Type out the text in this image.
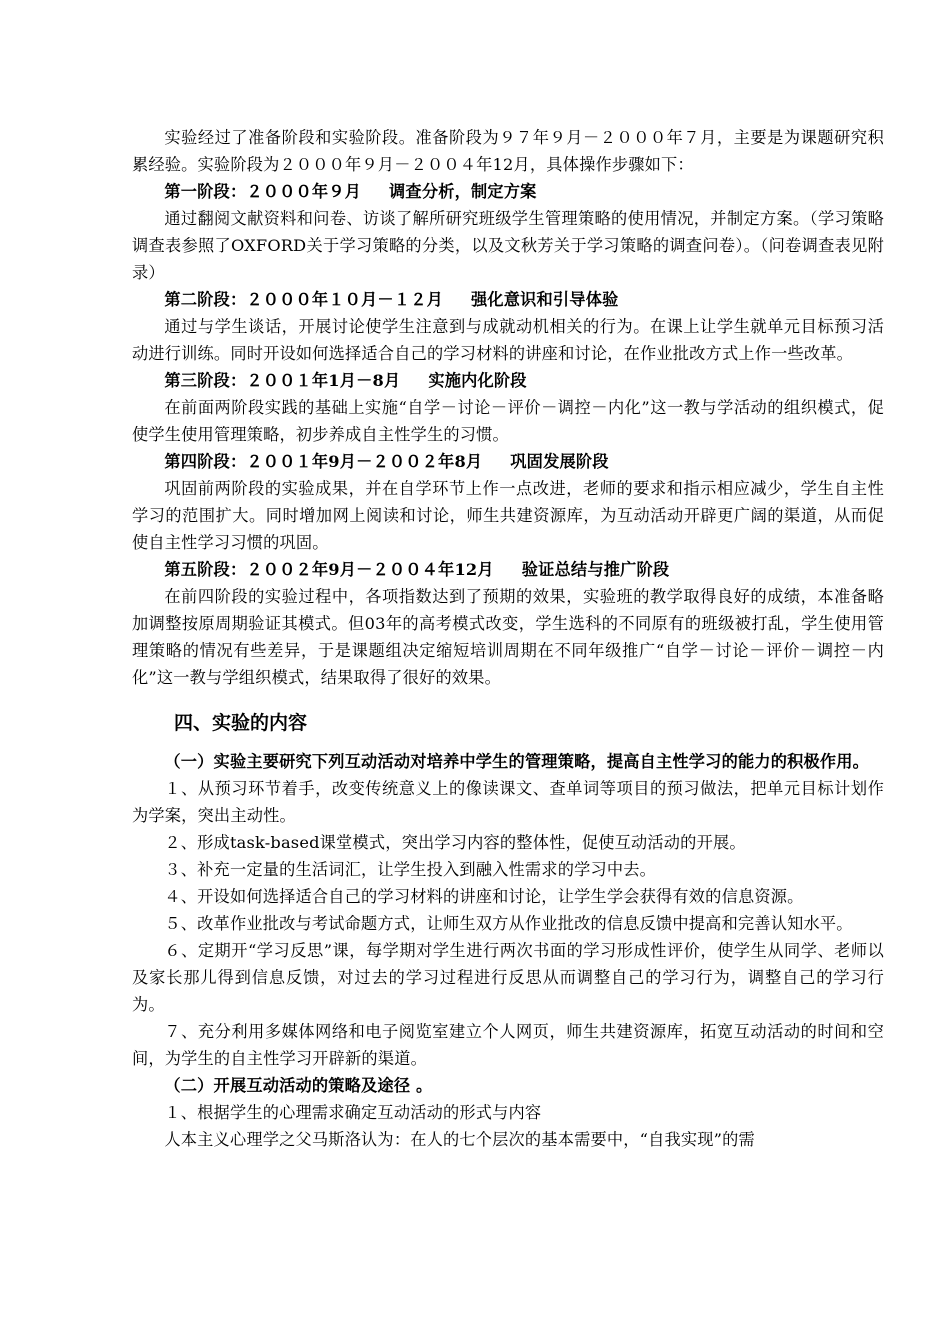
实验经过了准备阶段和实验阶段。准备阶段为９７年９月－２０００年７月，主要是为课题研究积累经验。实验阶段为２０００年９月－２００４年12月，具体操作步骤如下：

第一阶段：２０００年９月 调查分析，制定方案

通过翻阅文献资料和问卷、访谈了解所研究班级学生管理策略的使用情况，并制定方案。（学习策略调查表参照了OXFORD关于学习策略的分类，以及文秋芳关于学习策略的调查问卷）。（问卷调查表见附录）

第二阶段：２０００年１０月－１２月 强化意识和引导体验

通过与学生谈话，开展讨论使学生注意到与成就动机相关的行为。在课上让学生就单元目标预习活动进行训练。同时开设如何选择适合自己的学习材料的讲座和讨论，在作业批改方式上作一些改革。

第三阶段：２００１年1月－8月 实施内化阶段

在前面两阶段实践的基础上实施“自学－讨论－评价－调控－内化”这一教与学活动的组织模式，促使学生使用管理策略，初步养成自主性学生的习惯。

第四阶段：２００１年9月－２００２年8月 巩固发展阶段

巩固前两阶段的实验成果，并在自学环节上作一点改进，老师的要求和指示相应减少，学生自主性学习的范围扩大。同时增加网上阅读和讨论，师生共建资源库，为互动活动开辟更广阔的渠道，从而促使自主性学习习惯的巩固。

第五阶段：２００２年9月－２００４年12月 验证总结与推广阶段

在前四阶段的实验过程中，各项指数达到了预期的效果，实验班的教学取得良好的成绩，本准备略加调整按原周期验证其模式。但03年的高考模式改变，学生选科的不同原有的班级被打乱，学生使用管理策略的情况有些差异，于是课题组决定缩短培训周期在不同年级推广“自学－讨论－评价－调控－内化”这一教与学组织模式，结果取得了很好的效果。

四、实验的内容

（一）实验主要研究下列互动活动对培养中学生的管理策略，提高自主性学习的能力的积极作用。

１、从预习环节着手，改变传统意义上的像读课文、查单词等项目的预习做法，把单元目标计划作为学案，突出主动性。

２、形成task-based课堂模式，突出学习内容的整体性，促使互动活动的开展。

３、补充一定量的生活词汇，让学生投入到融入性需求的学习中去。

４、开设如何选择适合自己的学习材料的讲座和讨论，让学生学会获得有效的信息资源。

５、改革作业批改与考试命题方式，让师生双方从作业批改的信息反馈中提高和完善认知水平。

６、定期开“学习反思”课，每学期对学生进行两次书面的学习形成性评价，使学生从同学、老师以及家长那儿得到信息反馈，对过去的学习过程进行反思从而调整自己的学习行为，调整自己的学习行为。

７、充分利用多媒体网络和电子阅览室建立个人网页，师生共建资源库，拓宽互动活动的时间和空间，为学生的自主性学习开辟新的渠道。

（二）开展互动活动的策略及途径 。

１、根据学生的心理需求确定互动活动的形式与内容

人本主义心理学之父马斯洛认为：在人的七个层次的基本需要中，“自我实现”的需
